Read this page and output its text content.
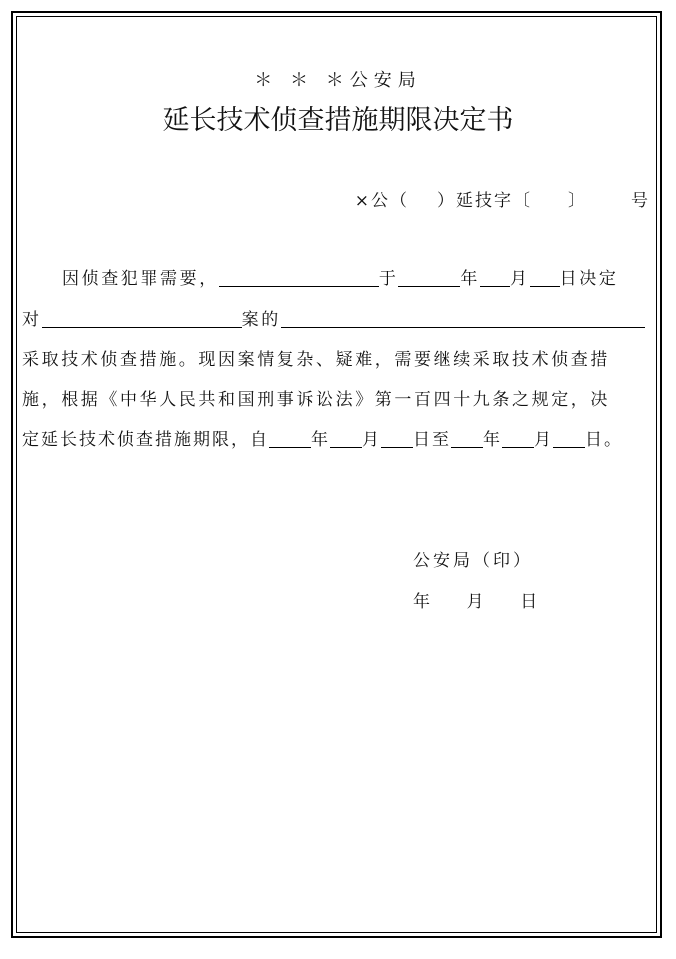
＊ ＊ ＊公安局
延长技术侦查措施期限决定书
×公（ ）延技字〔 〕	号
因侦查犯罪需要，	于	年 月 日决定
对	案的
采取技术侦查措施。现因案情复杂、疑难，需要继续采取技术侦查措
施，根据《中华人民共和国刑事诉讼法》第一百四十九条之规定，决
定延长技术侦查措施期限，自 年 月 日至 年 月 日。
公安局（印）
年    月    日
